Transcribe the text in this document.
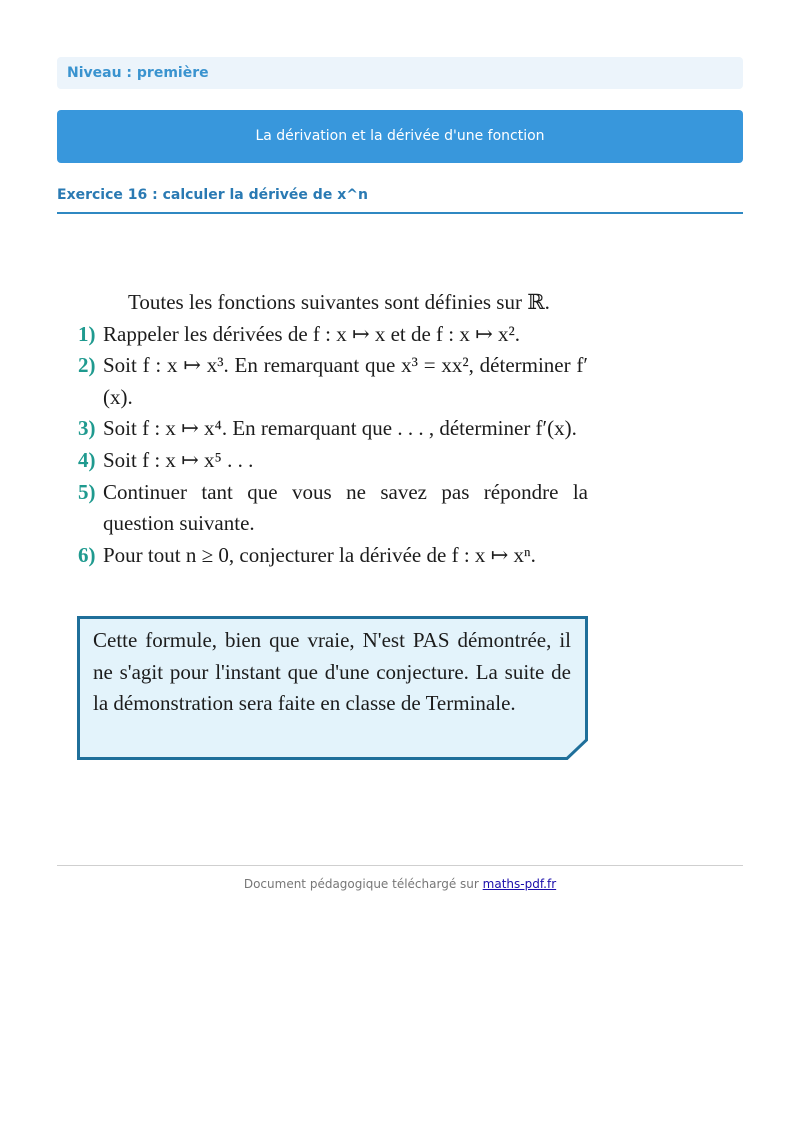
Niveau : première
La dérivation et la dérivée d'une fonction
Exercice 16 : calculer la dérivée de x^n
Toutes les fonctions suivantes sont définies sur ℝ.
1) Rappeler les dérivées de f : x ↦ x et de f : x ↦ x².
2) Soit f : x ↦ x³. En remarquant que x³ = xx², déterminer f′(x).
3) Soit f : x ↦ x⁴. En remarquant que . . . , déterminer f′(x).
4) Soit f : x ↦ x⁵ . . .
5) Continuer tant que vous ne savez pas répondre la question suivante.
6) Pour tout n ≥ 0, conjecturer la dérivée de f : x ↦ xⁿ.
Cette formule, bien que vraie, N'est PAS démontrée, il ne s'agit pour l'instant que d'une conjecture. La suite de la démonstration sera faite en classe de Terminale.
Document pédagogique téléchargé sur maths-pdf.fr
